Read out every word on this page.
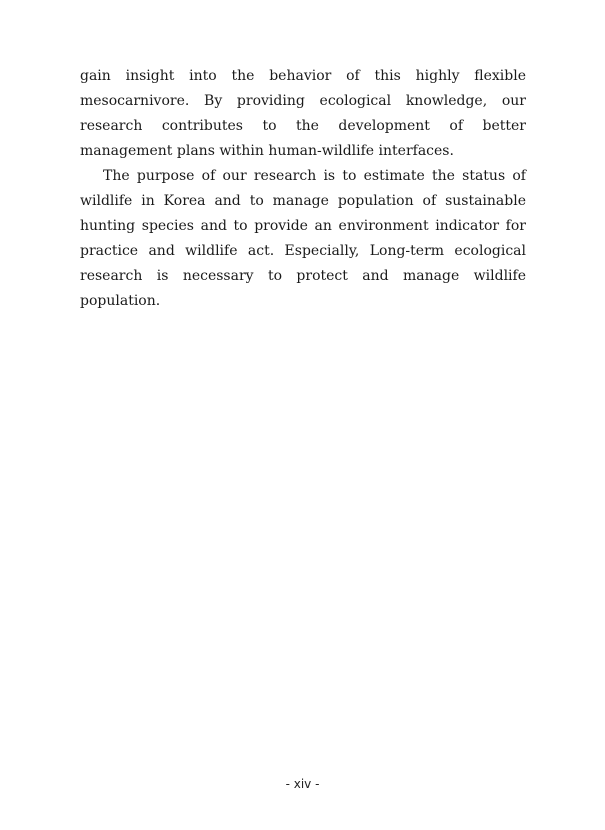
gain insight into the behavior of this highly flexible mesocarnivore. By providing ecological knowledge, our research contributes to the development of better management plans within human-wildlife interfaces.

The purpose of our research is to estimate the status of wildlife in Korea and to manage population of sustainable hunting species and to provide an environment indicator for practice and wildlife act. Especially, Long-term ecological research is necessary to protect and manage wildlife population.

- xiv -
